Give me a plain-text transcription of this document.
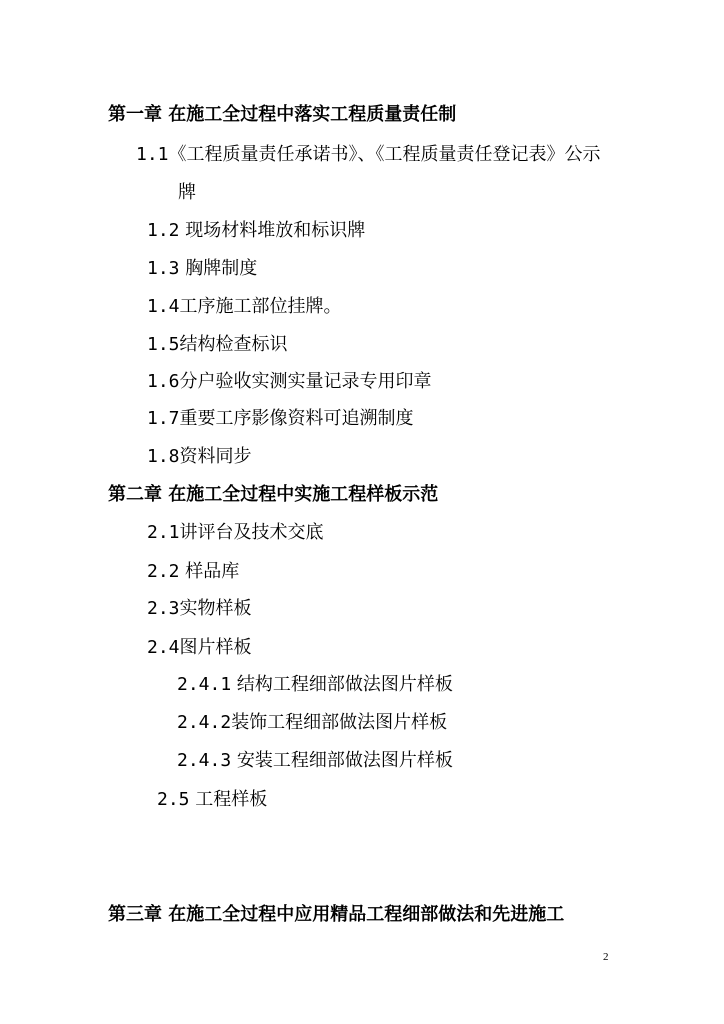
第一章 在施工全过程中落实工程质量责任制
1.1《工程质量责任承诺书》、《工程质量责任登记表》公示
牌
1.2 现场材料堆放和标识牌
1.3 胸牌制度
1.4工序施工部位挂牌。
1.5结构检查标识
1.6分户验收实测实量记录专用印章
1.7重要工序影像资料可追溯制度
1.8资料同步
第二章 在施工全过程中实施工程样板示范
2.1讲评台及技术交底
2.2 样品库
2.3实物样板
2.4图片样板
2.4.1 结构工程细部做法图片样板
2.4.2装饰工程细部做法图片样板
2.4.3 安装工程细部做法图片样板
2.5 工程样板
第三章 在施工全过程中应用精品工程细部做法和先进施工
2
